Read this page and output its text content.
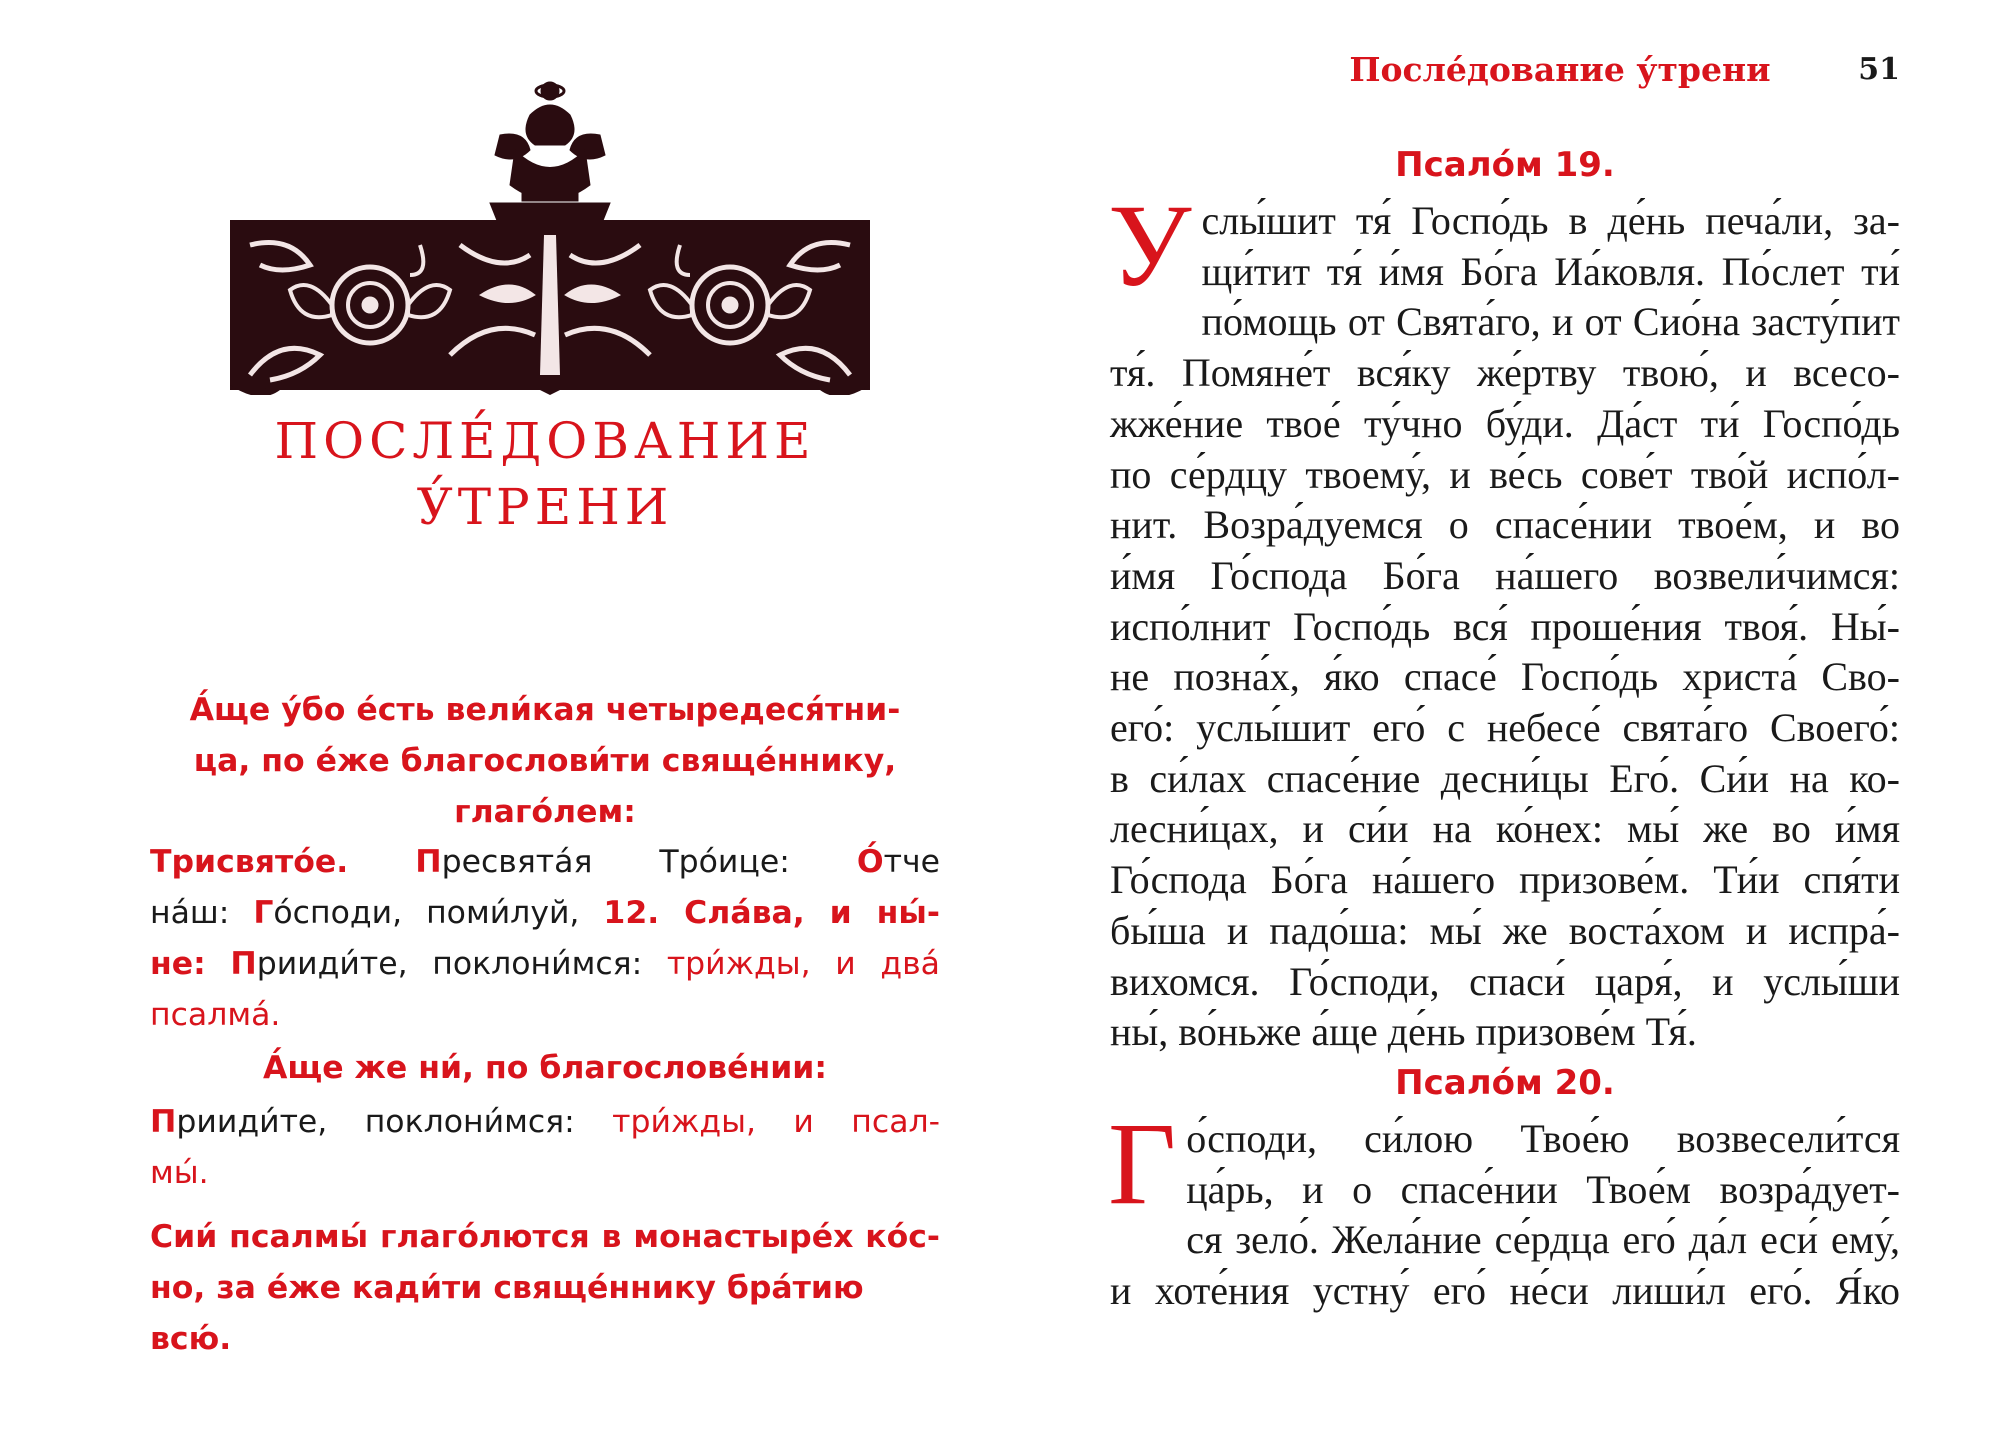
ПОСЛЕ́ДОВАНИЕ
У́ТРЕНИ
А́ще у́бо е́сть вели́кая четыредеся́тни-
ца, по е́же благослови́ти свяще́ннику,
глаго́лем:
Трисвято́е. Пресвята́я Тро́ице: О́тче
на́ш: Го́споди, поми́луй, 12. Сла́ва, и ны́-
не: Прииди́те, поклони́мся: три́жды, и два́
псалма́.
А́ще же ни́, по благослове́нии:
Прииди́те, поклони́мся: три́жды, и псал-
мы́.
Сии́ псалмы́ глаго́лются в монастыре́х ко́с-
но, за е́же кади́ти свяще́ннику бра́тию всю́.
После́дование у́трени	51
Псало́м 19.
У слы́шит тя́ Госпо́дь в де́нь печа́ли, за-
щи́тит тя́ и́мя Бо́га Иа́ковля. По́слет ти́
по́мощь от Свята́го, и от Сио́на засту́пит
тя́. Помяне́т вся́ку же́ртву твою́, и всесо-
жже́ние твое́ ту́чно бу́ди. Да́ст ти́ Госпо́дь
по се́рдцу твоему́, и ве́сь сове́т тво́й испо́л-
нит. Возра́дуемся о спасе́нии твое́м, и во
и́мя Го́спода Бо́га на́шего возвели́чимся:
испо́лнит Госпо́дь вся́ проше́ния твоя́. Ны́-
не позна́х, я́ко спасе́ Госпо́дь христа́ Сво-
его́: услы́шит его́ с небесе́ свята́го Своего́:
в си́лах спасе́ние десни́цы Его́. Си́и на ко-
лесни́цах, и си́и на ко́нех: мы́ же во и́мя
Го́спода Бо́га на́шего призове́м. Ти́и спя́ти
бы́ша и падо́ша: мы́ же воста́хом и испра́-
вихомся. Го́споди, спаси́ царя́, и услы́ши
ны́, во́ньже а́ще де́нь призове́м Тя́.
Псало́м 20.
Г о́споди, си́лою Твое́ю возвесели́тся
ца́рь, и о спасе́нии Твое́м возра́дует-
ся зело́. Жела́ние се́рдца его́ да́л еси́ ему́,
и хоте́ния устну́ его́ не́си лиши́л его́. Я́ко
